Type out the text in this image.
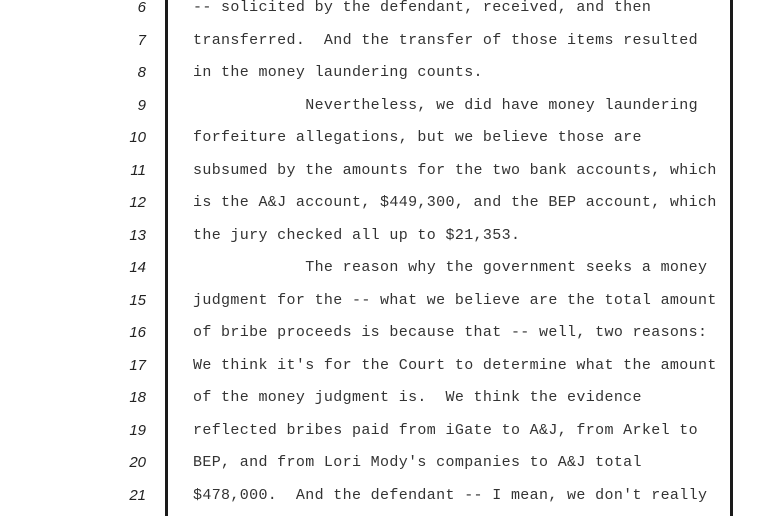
6	-- solicited by the defendant, received, and then
7	transferred.  And the transfer of those items resulted
8	in the money laundering counts.
9	Nevertheless, we did have money laundering
10	forfeiture allegations, but we believe those are
11	subsumed by the amounts for the two bank accounts, which
12	is the A&J account, $449,300, and the BEP account, which
13	the jury checked all up to $21,353.
14	The reason why the government seeks a money
15	judgment for the -- what we believe are the total amount
16	of bribe proceeds is because that -- well, two reasons:
17	We think it's for the Court to determine what the amount
18	of the money judgment is.  We think the evidence
19	reflected bribes paid from iGate to A&J, from Arkel to
20	BEP, and from Lori Mody's companies to A&J total
21	$478,000.  And the defendant -- I mean, we don't really
